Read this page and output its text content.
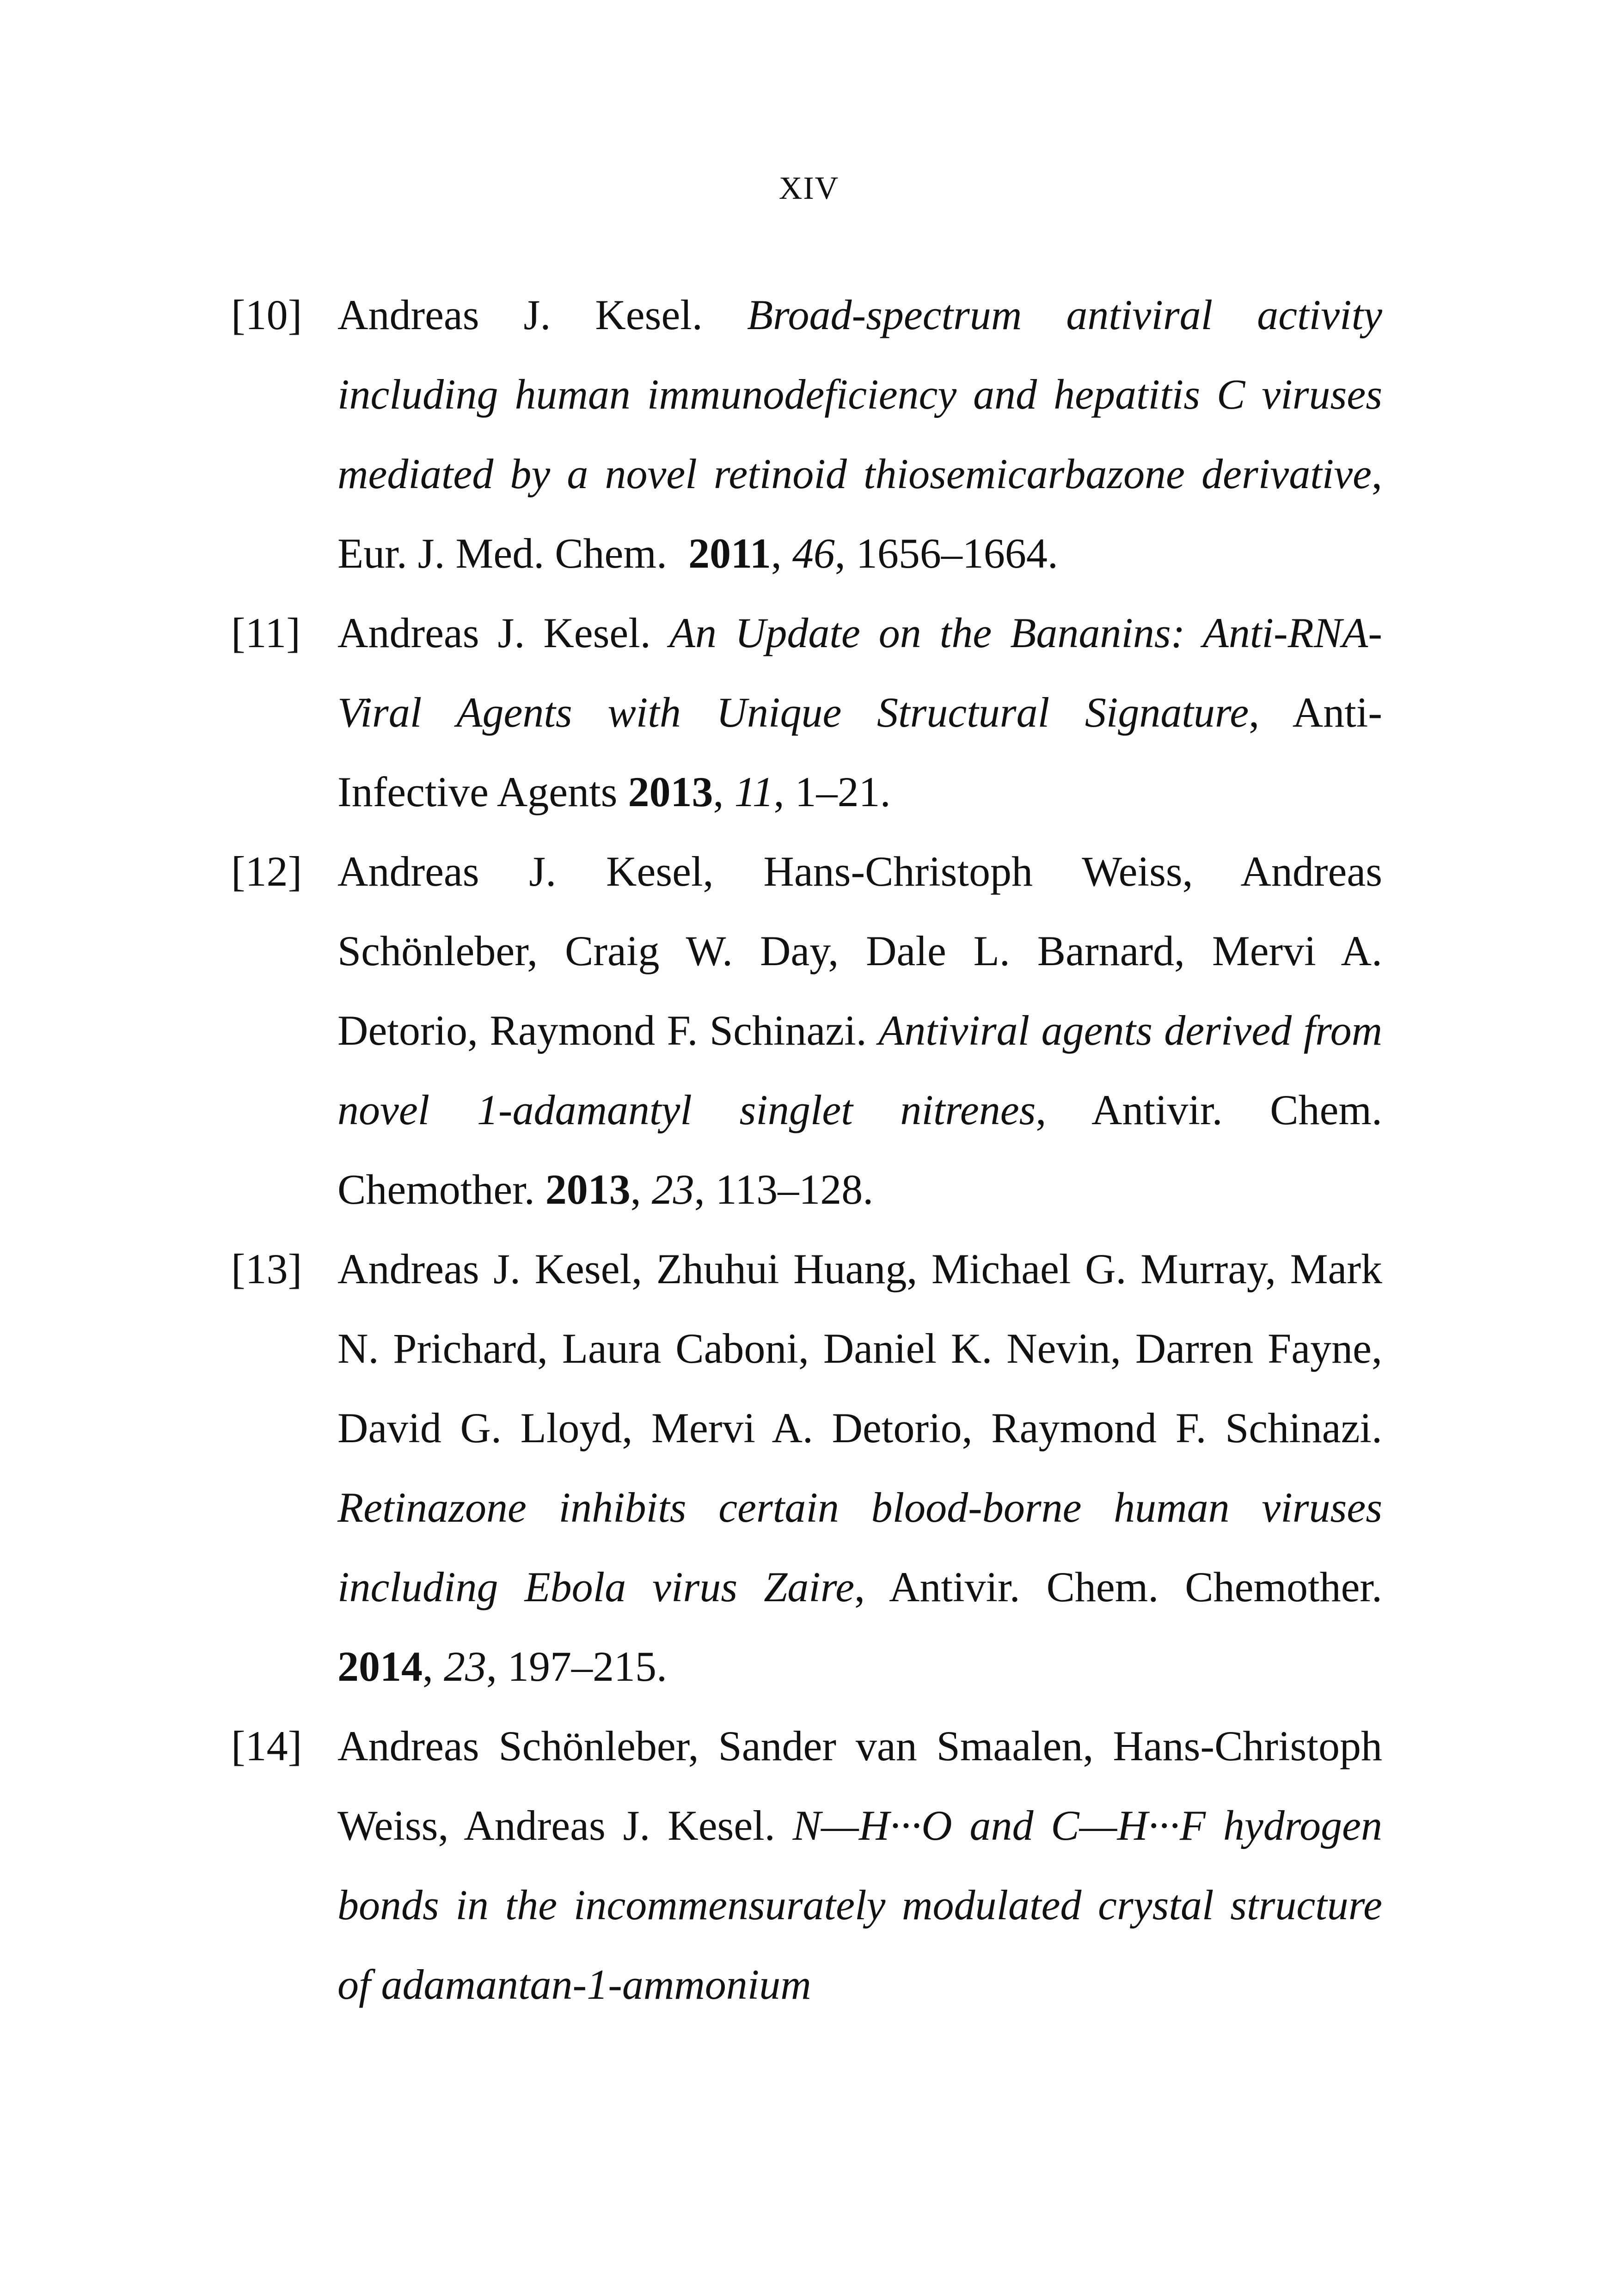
XIV
[10] Andreas J. Kesel. Broad-spectrum antiviral activity including human immunodeficiency and hepatitis C viruses mediated by a novel retinoid thiosemicarbazone derivative, Eur. J. Med. Chem. 2011, 46, 1656–1664.
[11] Andreas J. Kesel. An Update on the Bananins: Anti-RNA-Viral Agents with Unique Structural Signature, Anti-Infective Agents 2013, 11, 1–21.
[12] Andreas J. Kesel, Hans-Christoph Weiss, Andreas Schönleber, Craig W. Day, Dale L. Barnard, Mervi A. Detorio, Raymond F. Schinazi. Antiviral agents derived from novel 1-adamantyl singlet nitrenes, Antivir. Chem. Chemother. 2013, 23, 113–128.
[13] Andreas J. Kesel, Zhuhui Huang, Michael G. Murray, Mark N. Prichard, Laura Caboni, Daniel K. Nevin, Darren Fayne, David G. Lloyd, Mervi A. Detorio, Raymond F. Schinazi. Retinazone inhibits certain blood-borne human viruses including Ebola virus Zaire, Antivir. Chem. Chemother. 2014, 23, 197–215.
[14] Andreas Schönleber, Sander van Smaalen, Hans-Christoph Weiss, Andreas J. Kesel. N—H···O and C—H···F hydrogen bonds in the incommensurately modulated crystal structure of adamantan-1-ammonium
